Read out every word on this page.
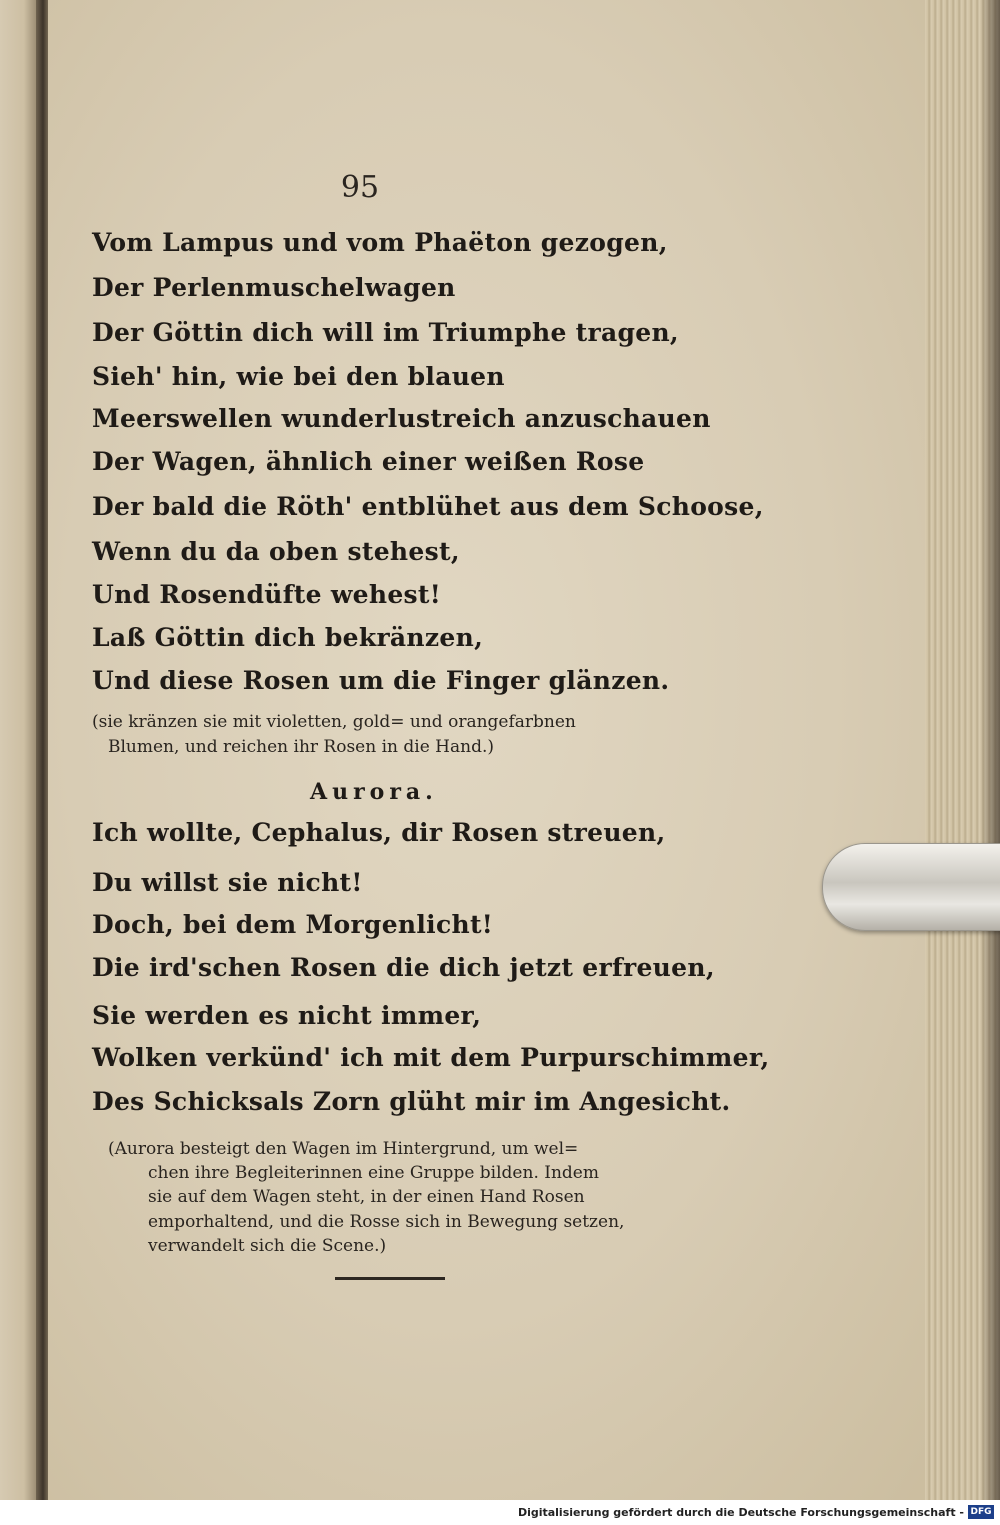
95

Vom Lampus und vom Phaëton gezogen,

Der Perlenmuschelwagen

Der Göttin dich will im Triumphe tragen,

Sieh' hin, wie bei den blauen

Meerswellen wunderlustreich anzuschauen

Der Wagen, ähnlich einer weißen Rose

Der bald die Röth' entblühet aus dem Schoose,

Wenn du da oben stehest,

Und Rosendüfte wehest!

Laß Göttin dich bekränzen,

Und diese Rosen um die Finger glänzen.

(sie kränzen sie mit violetten, gold= und orangefarbnen

Blumen, und reichen ihr Rosen in die Hand.)

Aurora.

Ich wollte, Cephalus, dir Rosen streuen,

Du willst sie nicht!

Doch, bei dem Morgenlicht!

Die ird'schen Rosen die dich jetzt erfreuen,

Sie werden es nicht immer,

Wolken verkünd' ich mit dem Purpurschimmer,

Des Schicksals Zorn glüht mir im Angesicht.

(Aurora besteigt den Wagen im Hintergrund, um wel=

chen ihre Begleiterinnen eine Gruppe bilden. Indem

sie auf dem Wagen steht, in der einen Hand Rosen

emporhaltend, und die Rosse sich in Bewegung setzen,

verwandelt sich die Scene.)

Digitalisierung gefördert durch die Deutsche Forschungsgemeinschaft - DFG
